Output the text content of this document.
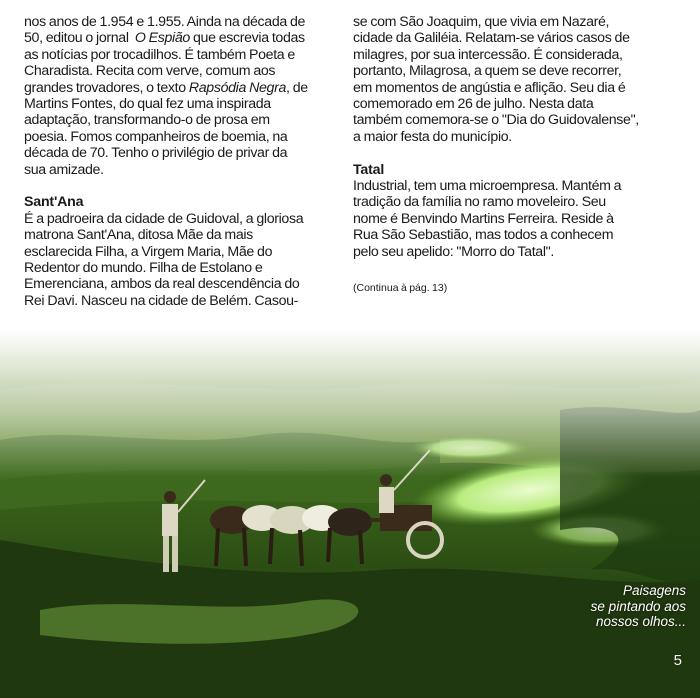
nos anos de 1.954 e 1.955. Ainda na década de
50, editou o jornal O Espião que escrevia todas
as notícias por trocadilhos. É também Poeta e
Charadista. Recita com verve, comum aos
grandes trovadores, o texto Rapsódia Negra, de
Martins Fontes, do qual fez uma inspirada
adaptação, transformando-o de prosa em
poesia. Fomos companheiros de boemia, na
década de 70. Tenho o privilégio de privar da
sua amizade.

Sant'Ana
É a padroeira da cidade de Guidoval, a gloriosa
matrona Sant'Ana, ditosa Mãe da mais
esclarecida Filha, a Virgem Maria, Mãe do
Redentor do mundo. Filha de Estolano e
Emerenciana, ambos da real descendência do
Rei Davi. Nasceu na cidade de Belém. Casou-

se com São Joaquim, que vivia em Nazaré,
cidade da Galiléia. Relatam-se vários casos de
milagres, por sua intercessão. É considerada,
portanto, Milagrosa, a quem se deve recorrer,
em momentos de angústia e aflição. Seu dia é
comemorado em 26 de julho. Nesta data
também comemora-se o "Dia do Guidovalense",
a maior festa do município.

Tatal
Industrial, tem uma microempresa. Mantém a
tradição da família no ramo moveleiro. Seu
nome é Benvindo Martins Ferreira. Reside à
Rua São Sebastião, mas todos a conhecem
pelo seu apelido: "Morro do Tatal".

(Continua à pág. 13)
Paisagens
se pintando aos
nossos olhos...
5
